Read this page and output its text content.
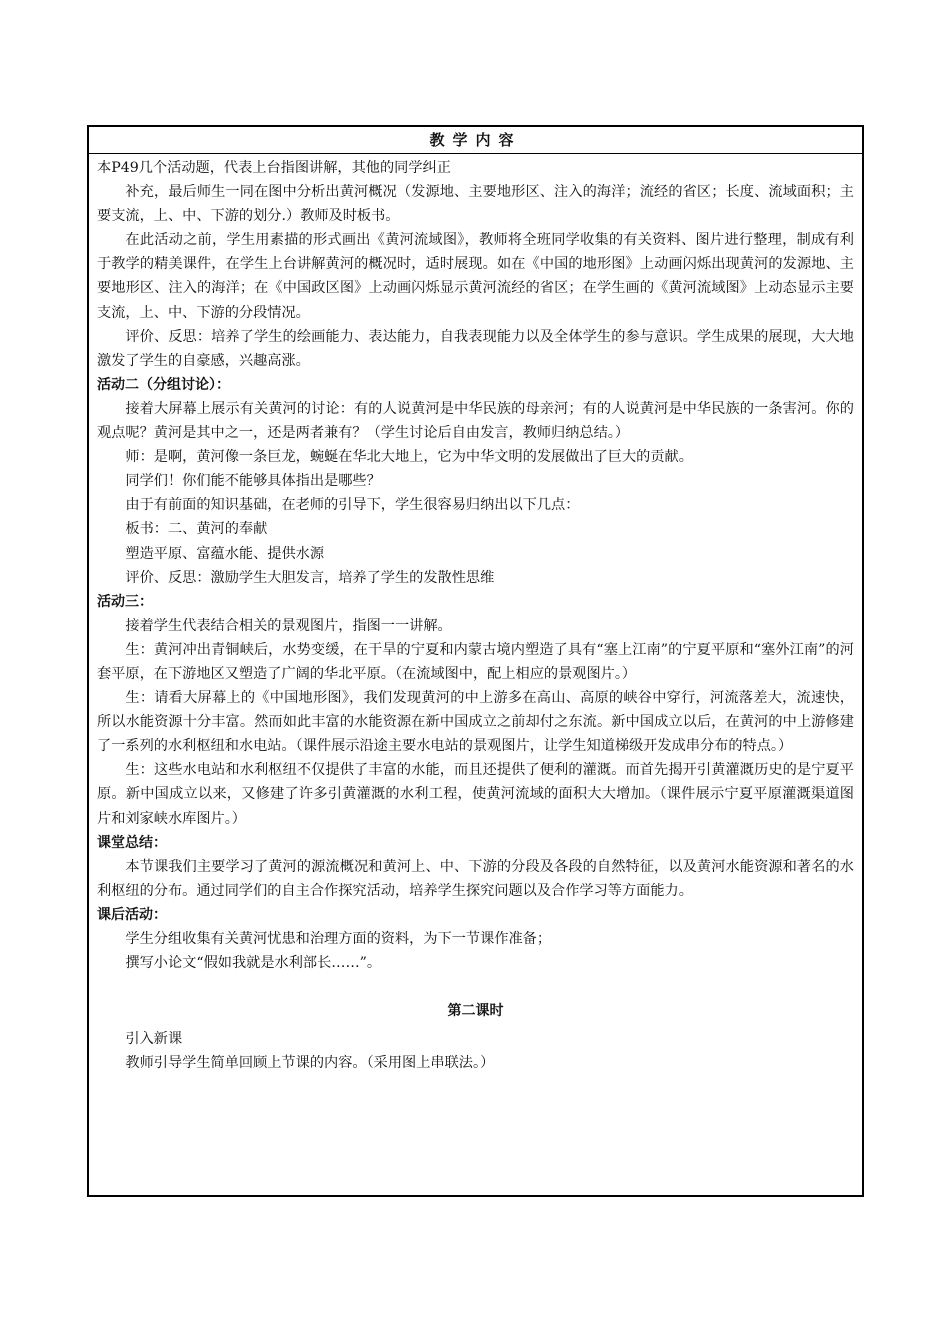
教学内容

本P49几个活动题，代表上台指图讲解，其他的同学纠正

补充，最后师生一同在图中分析出黄河概况（发源地、主要地形区、注入的海洋；流经的省区；长度、流域面积；主要支流，上、中、下游的划分.）教师及时板书。

在此活动之前，学生用素描的形式画出《黄河流域图》，教师将全班同学收集的有关资料、图片进行整理，制成有利于教学的精美课件，在学生上台讲解黄河的概况时，适时展现。如在《中国的地形图》上动画闪烁出现黄河的发源地、主要地形区、注入的海洋；在《中国政区图》上动画闪烁显示黄河流经的省区；在学生画的《黄河流域图》上动态显示主要支流，上、中、下游的分段情况。

评价、反思：培养了学生的绘画能力、表达能力，自我表现能力以及全体学生的参与意识。学生成果的展现，大大地激发了学生的自豪感，兴趣高涨。

活动二（分组讨论）：

接着大屏幕上展示有关黄河的讨论：有的人说黄河是中华民族的母亲河；有的人说黄河是中华民族的一条害河。你的观点呢？黄河是其中之一，还是两者兼有？（学生讨论后自由发言，教师归纳总结。）

师：是啊，黄河像一条巨龙，蜿蜒在华北大地上，它为中华文明的发展做出了巨大的贡献。

同学们！你们能不能够具体指出是哪些？

由于有前面的知识基础，在老师的引导下，学生很容易归纳出以下几点：

板书：二、黄河的奉献

塑造平原、富蕴水能、提供水源

评价、反思：激励学生大胆发言，培养了学生的发散性思维

活动三：

接着学生代表结合相关的景观图片，指图一一讲解。

生：黄河冲出青铜峡后，水势变缓，在干旱的宁夏和内蒙古境内塑造了具有“塞上江南”的宁夏平原和“塞外江南”的河套平原，在下游地区又塑造了广阔的华北平原。（在流域图中，配上相应的景观图片。）

生：请看大屏幕上的《中国地形图》，我们发现黄河的中上游多在高山、高原的峡谷中穿行，河流落差大，流速快，所以水能资源十分丰富。然而如此丰富的水能资源在新中国成立之前却付之东流。新中国成立以后，在黄河的中上游修建了一系列的水利枢纽和水电站。（课件展示沿途主要水电站的景观图片，让学生知道梯级开发成串分布的特点。）

生：这些水电站和水利枢纽不仅提供了丰富的水能，而且还提供了便利的灌溉。而首先揭开引黄灌溉历史的是宁夏平原。新中国成立以来，又修建了许多引黄灌溉的水利工程，使黄河流域的面积大大增加。（课件展示宁夏平原灌溉渠道图片和刘家峡水库图片。）

课堂总结：

本节课我们主要学习了黄河的源流概况和黄河上、中、下游的分段及各段的自然特征，以及黄河水能资源和著名的水利枢纽的分布。通过同学们的自主合作探究活动，培养学生探究问题以及合作学习等方面能力。

课后活动：

学生分组收集有关黄河忧患和治理方面的资料，为下一节课作准备；

撰写小论文“假如我就是水利部长……”。

第二课时

引入新课

教师引导学生简单回顾上节课的内容。（采用图上串联法。）
